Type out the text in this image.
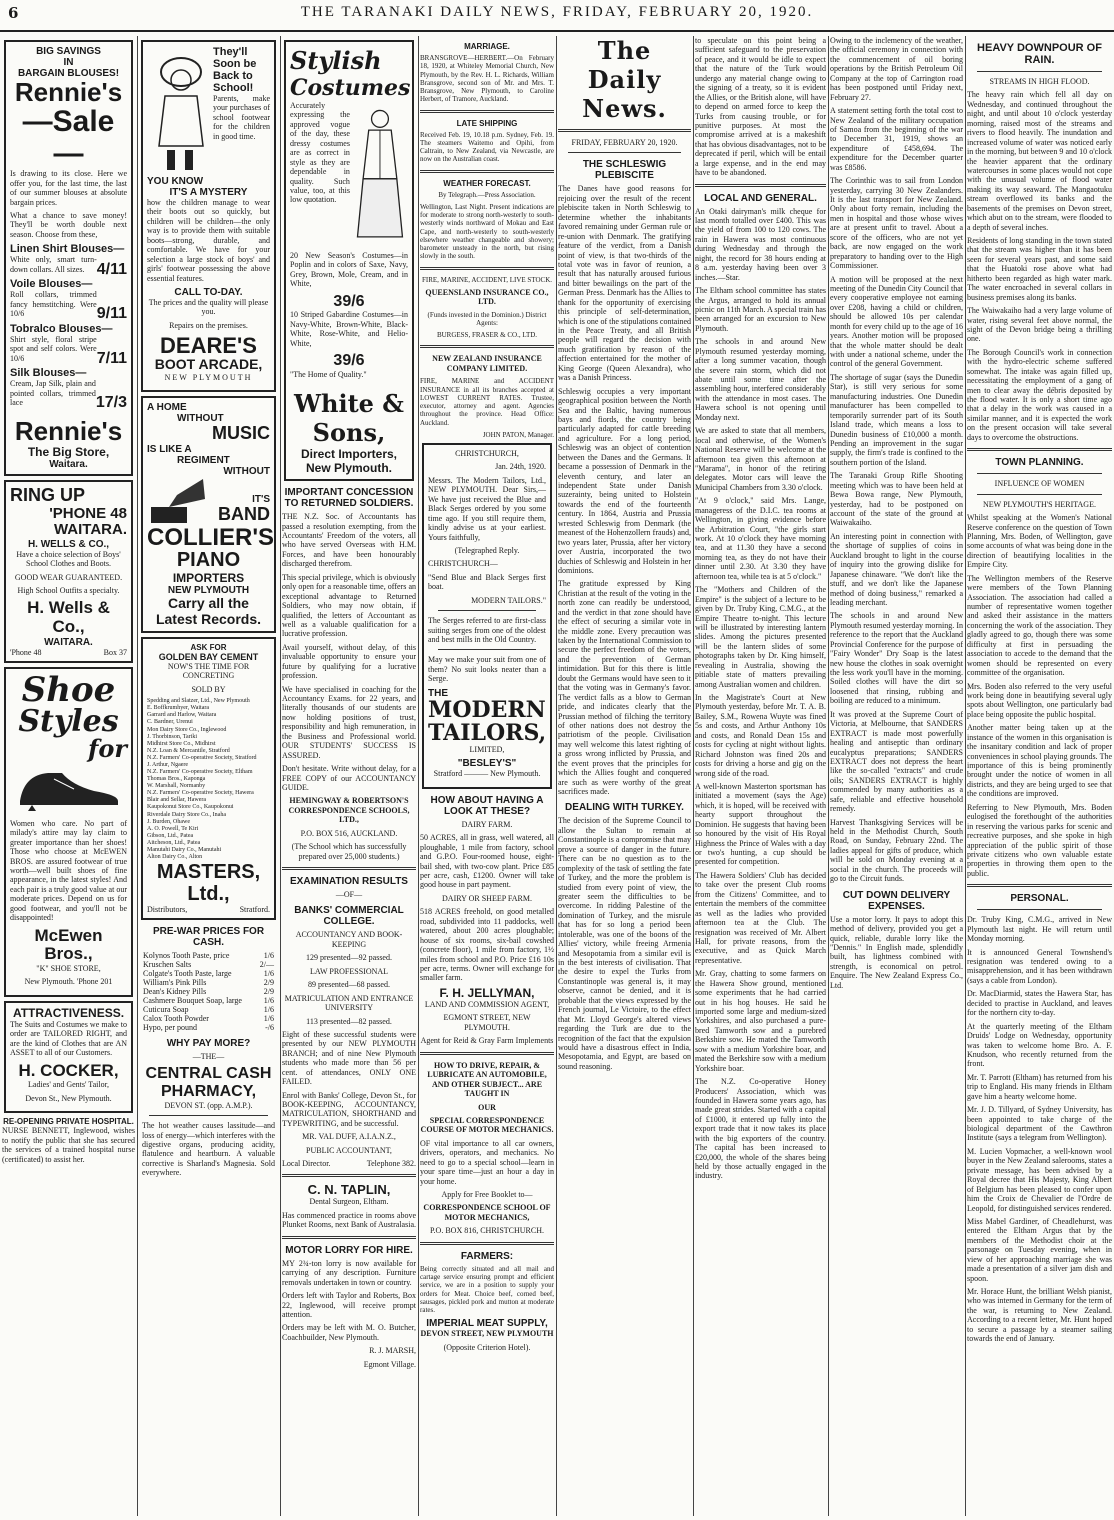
6	THE TARANAKI DAILY NEWS, FRIDAY, FEBRUARY 20, 1920.
BIG SAVINGS
IN
BARGAIN BLOUSES!
Rennie's
—Sale—

Is drawing to its close. Here we offer you, for the last time, the last of our summer blouses at absolute bargain prices.

What a chance to save money! They'll be worth double next season. Choose from these,

Linen Shirt Blouses—
White only, smart turn-down collars. All sizes. 4/11
Voile Blouses—
Roll collars, trimmed fancy hemstitching. Were 10/6	9/11
Tobralco Blouses—
Shirt style, floral stripe spot and self colors. Were 10/6	7/11
Silk Blouses—
Cream, Jap Silk, plain and pointed collars, trimmed lace	17/3
Rennie's
The Big Store,
Waitara.
RING UP
'PHONE 48
WAITARA.
H. WELLS & CO.,

Have a choice selection of Boys' School Clothes and Boots.

GOOD WEAR GUARANTEED.
High School Outfits a specialty.
H. Wells & Co.,
WAITARA.
'Phone 48	Box 37
Shoe
Styles
for

Women who care. No part of milady's attire may lay claim to greater importance than her shoes! Those who choose at McEWEN BROS. are assured footwear of true worth—well built shoes of fine appearance, in the latest styles! And each pair is a truly good value at our moderate prices. Depend on us for good footwear, and you'll not be disappointed!

McEwen Bros.,
"K" SHOE STORE,
New Plymouth. 'Phone 201
ATTRACTIVENESS.

The Suits and Costumes we make to order are TAILORED RIGHT, and are the kind of Clothes that are AN ASSET to all of our Customers.

H. COCKER,
Ladies' and Gents' Tailor,
Devon St., New Plymouth.
RE-OPENING PRIVATE HOSPITAL.

NURSE BENNETT, Inglewood, wishes to notify the public that she has secured the services of a trained hospital nurse (certificated) to assist her.

They'll Soon be Back to School!

Parents, make your purchases of school footwear for the children in good time.

YOU KNOW
IT'S A MYSTERY

how the children manage to wear their boots out so quickly, but children will be children—the only way is to provide them with suitable boots—strong, durable, and comfortable. We have for your selection a large stock of boys' and girls' footwear possessing the above essential features.

CALL TO-DAY.

The prices and the quality will please you.

Repairs on the premises.

DEARE'S
BOOT ARCADE,
NEW PLYMOUTH
A HOME
WITHOUT
MUSIC
IS LIKE A
REGIMENT
WITHOUT
IT'S
BAND
COLLIER'S
PIANO
IMPORTERS
NEW PLYMOUTH
Carry all the
Latest Records.
ASK FOR
GOLDEN BAY CEMENT
NOW'S THE TIME FOR CONCRETING
SOLD BY
Spedding and Slatzer, Ltd., New Plymouth
E. Boffkrumhyer, Waitara
Garrard and Harlow, Waitara
C. Bardner, Urenui
Mon Dairy Store Co., Inglewood
J. Thorbinson, Tariki
Midhirst Store Co., Midhirst
N.Z. Loan & Mercantile, Stratford
N.Z. Farmers' Co-operative Society, Stratford
J. Arthur, Ngaere
N.Z. Farmers' Co-operative Society, Eltham
Thomas Bros., Kaponga
W. Marshall, Normanby
N.Z. Farmers' Co-operative Society, Hawera
Blair and Sellar, Hawera
Kaupokonui Store Co., Kaupokonui
Riverdale Dairy Store Co., Inaha
J. Burden, Ohawe
A. O. Powell, Te Kiri
Gibson, Ltd., Patea
Aitcheson, Ltd., Patea
Manutahi Dairy Co., Manutahi
Alton Dairy Co., Alton
MASTERS, Ltd.,
Distributors,	Stratford.
PRE-WAR PRICES FOR CASH.
Kolynos Tooth Paste, price	1/6
Kruschen Salts	2/—
Colgate's Tooth Paste, large	1/6
William's Pink Pills	2/9
Dean's Kidney Pills	2/9
Cashmere Bouquet Soap, large	1/6
Cuticura Soap	1/6
Calox Tooth Powder	1/6
Hypo, per pound	-/6
WHY PAY MORE?
—THE—
CENTRAL CASH
PHARMACY,
DEVON ST. (opp. A.M.P.).

The hot weather causes lassitude—and loss of energy—which interferes with the digestive organs, producing acidity, flatulence and heartburn. A valuable corrective is Sharland's Magnesia. Sold everywhere.

Stylish
Costumes

Accurately expressing the approved vogue of the day, these dressy costumes are as correct in style as they are dependable in quality. Such value, too, at this low quotation.

20 New Season's Costumes—in Poplin and in colors of Saxe, Navy, Grey, Brown, Mole, Cream, and in White,

39/6

10 Striped Gabardine Costumes—in Navy-White, Brown-White, Black-White, Rose-White, and Helio-White,

39/6
"The Home of Quality."
White & Sons,
Direct Importers,
New Plymouth.
IMPORTANT CONCESSION TO RETURNED SOLDIERS.

THE N.Z. Soc. of Accountants has passed a resolution exempting, from the Accountants' Freedom of the voters, all who have served Overseas with H.M. Forces, and have been honourably discharged therefrom.

This special privilege, which is obviously only open for a reasonable time, offers an exceptional advantage to Returned Soldiers, who may now obtain, if qualified, the letters of Accountant as well as a valuable qualification for a lucrative profession.

Avail yourself, without delay, of this invaluable opportunity to ensure your future by qualifying for a lucrative profession.

We have specialised in coaching for the Accountancy Exams. for 22 years, and literally thousands of our students are now holding positions of trust, responsibility and high remuneration, in the Business and Professional world. OUR STUDENTS' SUCCESS IS ASSURED.

Don't hesitate. Write without delay, for a FREE COPY of our ACCOUNTANCY GUIDE.

HEMINGWAY & ROBERTSON'S CORRESPONDENCE SCHOOLS, LTD.,
P.O. BOX 516, AUCKLAND.
(The School which has successfully prepared over 25,000 students.)
EXAMINATION RESULTS
—OF—
BANKS' COMMERCIAL COLLEGE.
ACCOUNTANCY AND BOOK-KEEPING
129 presented—92 passed.
LAW PROFESSIONAL
89 presented—68 passed.
MATRICULATION AND ENTRANCE UNIVERSITY
113 presented—82 passed.

Eight of these successful students were presented by our NEW PLYMOUTH BRANCH; and of nine New Plymouth students who made more than 56 per cent. of attendances, ONLY ONE FAILED.

Enrol with Banks' College, Devon St., for BOOK-KEEPING, ACCOUNTANCY, MATRICULATION, SHORTHAND and TYPEWRITING, and be successful.

MR. VAL DUFF, A.I.A.N.Z.,
PUBLIC ACCOUNTANT,
Local Director.	Telephone 382.
C. N. TAPLIN,
Dental Surgeon, Eltham.

Has commenced practice in rooms above Plunket Rooms, next Bank of Australasia.

MOTOR LORRY FOR HIRE.

MY 2¾-ton lorry is now available for carrying of any description. Furniture removals undertaken in town or country.

Orders left with Taylor and Roberts, Box 22, Inglewood, will receive prompt attention.

Orders may be left with M. O. Butcher, Coachbuilder, New Plymouth.

R. J. MARSH,
Egmont Village.
MARRIAGE.

BRANSGROVE—HERBERT.—On February 18, 1920, at Whiteley Memorial Church, New Plymouth, by the Rev. H. L. Richards, William Bransgrove, second son of Mr. and Mrs. T. Bransgrove, New Plymouth, to Caroline Herbert, of Tramore, Auckland.

LATE SHIPPING

Received Feb. 19, 10.18 p.m. Sydney, Feb. 19. The steamers Waitemo and Opihi, from Caltrain, to New Zealand, via Newcastle, are now on the Australian coast.

WEATHER FORECAST.
By Telegraph.—Press Association.

Wellington, Last Night. Present indications are for moderate to strong north-westerly to south-westerly winds northward of Mokau and East Cape, and north-westerly to south-westerly elsewhere weather changeable and showery; barometer unsteady in the north, but rising slowly in the south.

FIRE, MARINE, ACCIDENT, LIVE STOCK.
QUEENSLAND INSURANCE CO., LTD.
(Funds invested in the Dominion.) District Agents:
BURGESS, FRASER & CO., LTD.
NEW ZEALAND INSURANCE COMPANY LIMITED.

FIRE, MARINE and ACCIDENT INSURANCE in all its branches accepted at LOWEST CURRENT RATES. Trustee, executor, attorney and agent. Agencies throughout the province. Head Office: Auckland.

JOHN PATON, Manager.
CHRISTCHURCH,
Jan. 24th, 1920.

Messrs. The Modern Tailors, Ltd., NEW PLYMOUTH. Dear Sirs,—We have just received the Blue and Black Serges ordered by you some time ago. If you still require them, kindly advise us at your earliest. Yours faithfully,

(Telegraphed Reply.
CHRISTCHURCH—
"Send Blue and Black Serges first boat.
MODERN TAILORS."

The Serges referred to are first-class suiting serges from one of the oldest and best mills in the Old Country.

May we make your suit from one of them? No suit looks neater than a Serge.

THE
MODERN TAILORS,
LIMITED,
"BESLEY'S"
Stratford ——— New Plymouth.
HOW ABOUT HAVING A LOOK AT THESE?
DAIRY FARM.

50 ACRES, all in grass, well watered, all ploughable, 1 mile from factory, school and G.P.O. Four-roomed house, eight-bail shed, with two-cow plant. Price £85 per acre, cash, £1200. Owner will take good house in part payment.

DAIRY OR SHEEP FARM.

518 ACRES freehold, on good metalled road, subdivided into 11 paddocks, well watered, about 200 acres ploughable; house of six rooms, six-bail cowshed (concrete floor), 1 mile from factory, 1½ miles from school and P.O. Price £16 10s per acre, terms. Owner will exchange for smaller farm.

F. H. JELLYMAN,
LAND AND COMMISSION AGENT,
EGMONT STREET, NEW PLYMOUTH.
Agent for Reid & Gray Farm Implements
HOW TO DRIVE, REPAIR, & LUBRICATE AN AUTOMOBILE, AND OTHER SUBJECT... ARE TAUGHT IN
OUR
SPECIAL CORRESPONDENCE COURSE OF MOTOR MECHANICS.

OF vital importance to all car owners, drivers, operators, and mechanics. No need to go to a special school—learn in your spare time—just an hour a day in your home.

Apply for Free Booklet to—
CORRESPONDENCE SCHOOL OF MOTOR MECHANICS,
P.O. BOX 816, CHRISTCHURCH.
FARMERS:

Being correctly situated and all mail and cartage service ensuring prompt and efficient service, we are in a position to supply your orders for Meat. Choice beef, corned beef, sausages, pickled pork and mutton at moderate rates.

IMPERIAL MEAT SUPPLY,
DEVON STREET, NEW PLYMOUTH
(Opposite Criterion Hotel).
The Daily News.
FRIDAY, FEBRUARY 20, 1920.
THE SCHLESWIG PLEBISCITE

The Danes have good reasons for rejoicing over the result of the recent plebiscite taken in North Schleswig to determine whether the inhabitants favored remaining under German rule or re-union with Denmark. The gratifying feature of the verdict, from a Danish point of view, is that two-thirds of the total vote was in favor of reunion, a result that has naturally aroused furious and bitter bewailings on the part of the German Press. Denmark has the Allies to thank for the opportunity of exercising this principle of self-determination, which is one of the stipulations contained in the Peace Treaty, and all British people will regard the decision with much gratification by reason of the affection entertained for the mother of King George (Queen Alexandra), who was a Danish Princess.

Schleswig occupies a very important geographical position between the North Sea and the Baltic, having numerous bays and fiords, the country being particularly adapted for cattle breeding and agriculture. For a long period, Schleswig was an object of contention between the Danes and the Germans. It became a possession of Denmark in the eleventh century, and later an independent State under Danish suzerainty, being united to Holstein towards the end of the fourteenth century. In 1864, Austria and Prussia wrested Schleswig from Denmark (the meanest of the Hohenzollern frauds) and, two years later, Prussia, after her victory over Austria, incorporated the two duchies of Schleswig and Holstein in her dominions.

The gratitude expressed by King Christian at the result of the voting in the north zone can readily be understood, and the verdict in that zone should have the effect of securing a similar vote in the middle zone. Every precaution was taken by the International Commission to secure the perfect freedom of the voters, and the prevention of German intimidation. But for this there is little doubt the Germans would have seen to it that the voting was in Germany's favor. The verdict falls as a blow to German pride, and indicates clearly that the Prussian method of filching the territory of other nations does not destroy the patriotism of the people. Civilisation may well welcome this latest righting of a gross wrong inflicted by Prussia, and the event proves that the principles for which the Allies fought and conquered are such as were worthy of the great sacrifices made.

DEALING WITH TURKEY.

The decision of the Supreme Council to allow the Sultan to remain at Constantinople is a compromise that may prove a source of danger in the future. There can be no question as to the complexity of the task of settling the fate of Turkey, and the more the problem is studied from every point of view, the greater seem the difficulties to be overcome. In ridding Palestine of the domination of Turkey, and the misrule that has for so long a period been intolerable, was one of the boons of the Allies' victory, while freeing Armenia and Mesopotamia from a similar evil is in the best interests of civilisation. That the desire to expel the Turks from Constantinople was general is, it may observe, cannot be denied, and it is probable that the views expressed by the French journal, Le Victoire, to the effect that Mr. Lloyd George's altered views regarding the Turk are due to the recognition of the fact that the expulsion would have a disastrous effect in India, Mesopotamia, and Egypt, are based on sound reasoning.

to speculate on this point being a sufficient safeguard to the preservation of peace, and it would be idle to expect that the nature of the Turk would undergo any material change owing to the signing of a treaty, so it is evident the Allies, or the British alone, will have to depend on armed force to keep the Turks from causing trouble, or for punitive purposes. At most the compromise arrived at is a makeshift that has obvious disadvantages, not to be deprecated if peril, which will be entail a large expense, and in the end may have to be abandoned.

LOCAL AND GENERAL.

An Otaki dairyman's milk cheque for last month totalled over £400. This was the yield of from 100 to 120 cows. The rain in Hawera was most continuous during Wednesday and through the night, the record for 38 hours ending at 8 a.m. yesterday having been over 3 inches.—Star.

The Eltham school committee has states the Argus, arranged to hold its annual picnic on 11th March. A special train has been arranged for an excursion to New Plymouth.

The schools in and around New Plymouth resumed yesterday morning, after a long summer vacation, though the severe rain storm, which did not abate until some time after the assembling hour, interfered considerably with the attendance in most cases. The Hawera school is not opening until Monday next.

We are asked to state that all members, local and otherwise, of the Women's National Reserve will be welcome at the afternoon tea given this afternoon at "Marama", in honor of the retiring delegates. Motor cars will leave the Municipal Chambers from 3.30 o'clock.

"At 9 o'clock," said Mrs. Lange, manageress of the D.I.C. tea rooms at Wellington, in giving evidence before the Arbitration Court, "the girls start work. At 10 o'clock they have morning tea, and at 11.30 they have a second morning tea, as they do not have their dinner until 2.30. At 3.30 they have afternoon tea, while tea is at 5 o'clock."

The "Mothers and Children of the Empire" is the subject of a lecture to be given by Dr. Truby King, C.M.G., at the Empire Theatre to-night. This lecture will be illustrated by interesting lantern slides. Among the pictures presented will be the lantern slides of some photographs taken by Dr. King himself, revealing in Australia, showing the pitiable state of matters prevailing among Australian women and children.

In the Magistrate's Court at New Plymouth yesterday, before Mr. T. A. B. Bailey, S.M., Rowena Wuyte was fined 5s and costs, and Arthur Anthony 10s and costs, and Ronald Dean 15s and costs for cycling at night without lights. Richard Johnston was fined 20s and costs for driving a horse and gig on the wrong side of the road.

A well-known Masterton sportsman has initiated a movement (says the Age) which, it is hoped, will be received with hearty support throughout the Dominion. He suggests that having been so honoured by the visit of His Royal Highness the Prince of Wales with a day or two's hunting, a cup should be presented for competition.

The Hawera Soldiers' Club has decided to take over the present Club rooms from the Citizens' Committee, and to entertain the members of the committee as well as the ladies who provided afternoon tea at the Club. The resignation was received of Mr. Albert Hall, for private reasons, from the executive, and as Quick March representative.

Mr. Gray, chatting to some farmers on the Hawera Show ground, mentioned some experiments that he had carried out in his hog houses. He said he imported some large and medium-sized Yorkshires, and also purchased a pure-bred Tamworth sow and a purebred Berkshire sow. He mated the Tamworth sow with a medium Yorkshire boar, and mated the Berkshire sow with a medium Yorkshire boar.

The N.Z. Co-operative Honey Producers' Association, which was founded in Hawera some years ago, has made great strides. Started with a capital of £1000, it entered up fully into the export trade that it now takes its place with the big exporters of the country. The capital has been increased to £20,000, the whole of the shares being held by those actually engaged in the industry.

Owing to the inclemency of the weather, the official ceremony in connection with the commencement of oil boring operations by the British Petroleum Oil Company at the top of Carrington road has been postponed until Friday next, February 27.

A statement setting forth the total cost to New Zealand of the military occupation of Samoa from the beginning of the war to December 31, 1919, shows an expenditure of £458,694. The expenditure for the December quarter was £8586.

The Corinthic was to sail from London yesterday, carrying 30 New Zealanders. It is the last transport for New Zealand. Only about forty remain, including the men in hospital and those whose wives are at present unfit to travel. About a score of the officers, who are not yet back, are now engaged on the work preparatory to handing over to the High Commissioner.

A motion will be proposed at the next meeting of the Dunedin City Council that every cooperative employee not earning over £208, having a child or children, should be allowed 10s per calendar month for every child up to the age of 16 years. Another motion will be proposed that the whole matter should be dealt with under a national scheme, under the control of the general Government.

The shortage of sugar (says the Dunedin Star), is still very serious for some manufacturing industries. One Dunedin manufacturer has been compelled to temporarily surrender part of its South Island trade, which means a loss to Dunedin business of £10,000 a month. Pending an improvement in the sugar supply, the firm's trade is confined to the southern portion of the Island.

The Taranaki Group Rifle Shooting meeting which was to have been held at Bewa Bowa range, New Plymouth, yesterday, had to be postponed on account of the state of the ground at Waiwakaiho.

An interesting point in connection with the shortage of supplies of coins in Auckland brought to light in the course of inquiry into the growing dislike for Japanese chinaware. "We don't like the stuff, and we don't like the Japanese method of doing business," remarked a leading merchant.

The schools in and around New Plymouth resumed yesterday morning. In reference to the report that the Auckland Provincial Conference for the purpose of "Fairy Wonder" Dry Soap is the latest new house the clothes in soak overnight the less work you'll have in the morning. Soiled clothes will have the dirt so loosened that rinsing, rubbing and boiling are reduced to a minimum.

It was proved at the Supreme Court of Victoria, at Melbourne, that SANDERS EXTRACT is made most powerfully healing and antiseptic than ordinary eucalyptus preparations; SANDERS EXTRACT does not depress the heart like the so-called "extracts" and crude oils; SANDERS EXTRACT is highly commended by many authorities as a safe, reliable and effective household remedy.

Harvest Thanksgiving Services will be held in the Methodist Church, South Road, on Sunday, February 22nd. The ladies appeal for gifts of produce, which will be sold on Monday evening at a social in the church. The proceeds will go to the Circuit funds.

CUT DOWN DELIVERY EXPENSES.

Use a motor lorry. It pays to adopt this method of delivery, provided you get a quick, reliable, durable lorry like the "Dennis." In English made, splendidly built, has lightness combined with strength, is economical on petrol. Enquire. The New Zealand Express Co., Ltd.

HEAVY DOWNPOUR OF RAIN.
STREAMS IN HIGH FLOOD.

The heavy rain which fell all day on Wednesday, and continued throughout the night, and until about 10 o'clock yesterday morning, raised most of the streams and rivers to flood heavily. The inundation and increased volume of water was noticed early in the morning, but between 9 and 10 o'clock the heavier apparent that the ordinary watercourses in some places would not cope with the unusual volume of flood water making its way seaward. The Mangaotuku stream overflowed its banks and the basements of the premises on Devon street, which abut on to the stream, were flooded to a depth of several inches.

Residents of long standing in the town stated that the stream was higher than it has been seen for several years past, and some said that the Huatoki rose above what had hitherto been regarded as high water mark. The water encroached in several collars in business premises along its banks.

The Waiwakaiho had a very large volume of water, rising several feet above normal, the sight of the Devon bridge being a thrilling one.

The Borough Council's work in connection with the hydro-electric scheme suffered somewhat. The intake was again filled up, necessitating the employment of a gang of men to clear away the débris deposited by the flood water. It is only a short time ago that a delay in the work was caused in a similar manner, and it is expected the work on the present occasion will take several days to overcome the obstructions.

TOWN PLANNING.
INFLUENCE OF WOMEN
NEW PLYMOUTH'S HERITAGE.

Whilst speaking at the Women's National Reserve conference on the question of Town Planning, Mrs. Boden, of Wellington, gave some accounts of what was being done in the direction of beautifying localities in the Empire City.

The Wellington members of the Reserve were members of the Town Planning Association. The association had called a number of representative women together and asked their assistance in the matters concerning the work of the association. They gladly agreed to go, though there was some difficulty at first in persuading the association to accede to the demand that the women should be represented on every committee of the organisation.

Mrs. Boden also referred to the very useful work being done in beautifying several ugly spots about Wellington, one particularly bad place being opposite the public hospital.

Another matter being taken up at the instance of the women in this organisation is the insanitary condition and lack of proper conveniences in school playing grounds. The importance of this is being prominently brought under the notice of women in all districts, and they are being urged to see that the conditions are improved.

Referring to New Plymouth, Mrs. Boden eulogised the forethought of the authorities in reserving the various parks for scenic and recreative purposes, and she spoke in high appreciation of the public spirit of those private citizens who own valuable estate properties in throwing them open to the public.

PERSONAL.

Dr. Truby King, C.M.G., arrived in New Plymouth last night. He will return until Monday morning.

It is announced General Townshend's resignation was tendered owing to a misapprehension, and it has been withdrawn (says a cable from London).

Dr. MacDiarmid, states the Hawera Star, has decided to practise in Auckland, and leaves for the northern city to-day.

At the quarterly meeting of the Eltham Druids' Lodge on Wednesday, opportunity was taken to welcome home Bro. A. F. Knudson, who recently returned from the front.

Mr. T. Parrott (Eltham) has returned from his trip to England. His many friends in Eltham gave him a hearty welcome home.

Mr. J. D. Tillyard, of Sydney University, has been appointed to take charge of the biological department of the Cawthron Institute (says a telegram from Wellington).

M. Lucien Vopmacher, a well-known wool buyer in the New Zealand salerooms, states a private message, has been advised by a Royal decree that His Majesty, King Albert of Belgium has been pleased to confer upon him the Croix de Chevalier de l'Ordre de Leopold, for distinguished services rendered.

Miss Mabel Gardiner, of Cheadlehurst, was entered the Eltham Argus that by the members of the Methodist choir at the parsonage on Tuesday evening, when in view of her approaching marriage she was made a presentation of a silver jam dish and spoon.

Mr. Horace Hunt, the brilliant Welsh pianist, who was interned in Germany for the term of the war, is returning to New Zealand. According to a recent letter, Mr. Hunt hoped to secure a passage by a steamer sailing towards the end of January.
